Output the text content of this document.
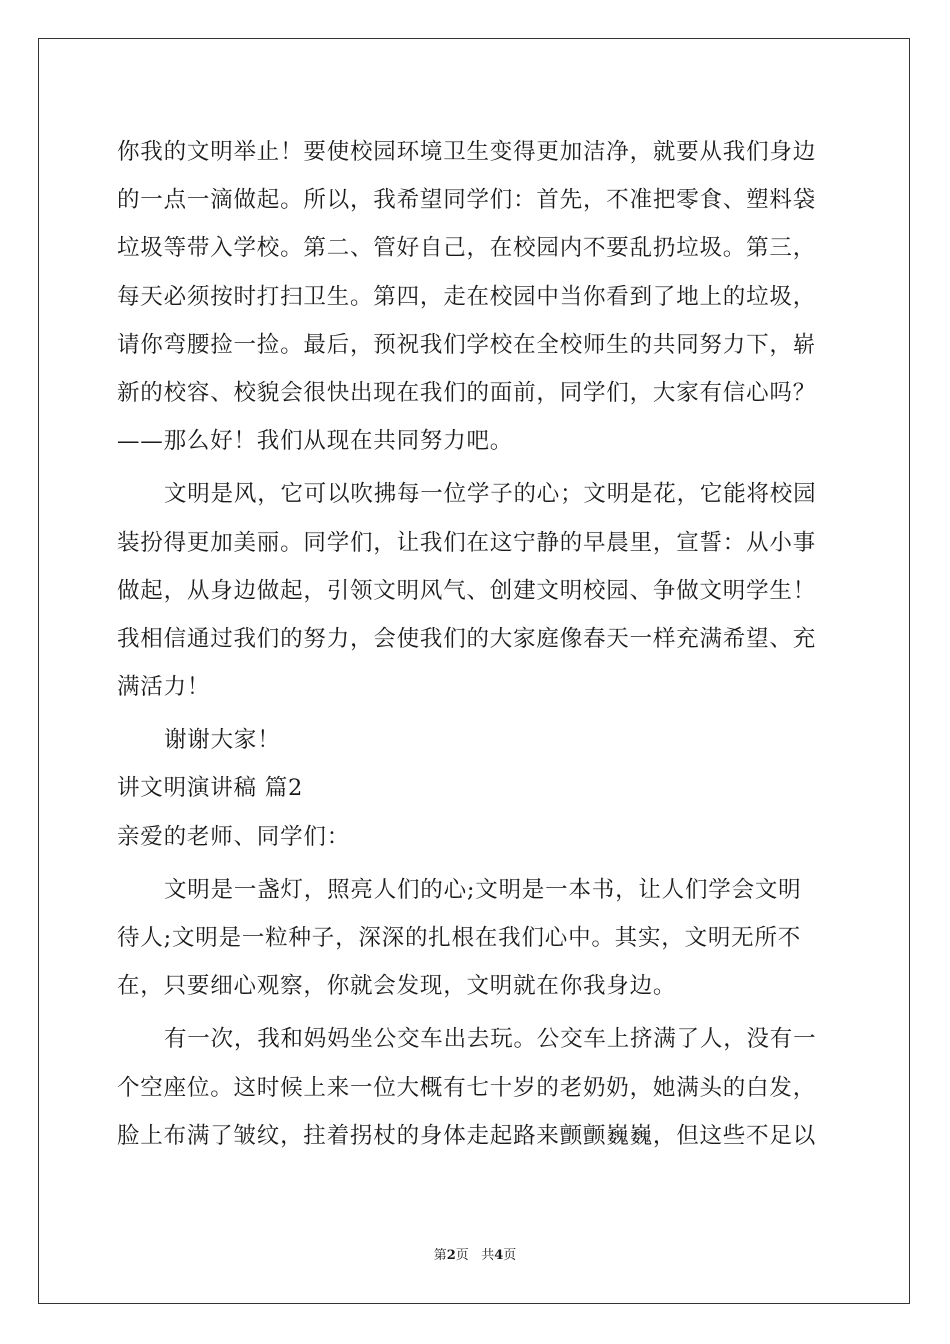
你我的文明举止！要使校园环境卫生变得更加洁净，就要从我们身边
的一点一滴做起。所以，我希望同学们：首先，不准把零食、塑料袋
垃圾等带入学校。第二、管好自己，在校园内不要乱扔垃圾。第三，
每天必须按时打扫卫生。第四，走在校园中当你看到了地上的垃圾，
请你弯腰捡一捡。最后，预祝我们学校在全校师生的共同努力下，崭
新的校容、校貌会很快出现在我们的面前，同学们，大家有信心吗？
——那么好！我们从现在共同努力吧。
文明是风，它可以吹拂每一位学子的心；文明是花，它能将校园
装扮得更加美丽。同学们，让我们在这宁静的早晨里，宣誓：从小事
做起，从身边做起，引领文明风气、创建文明校园、争做文明学生！
我相信通过我们的努力，会使我们的大家庭像春天一样充满希望、充
满活力！
谢谢大家！
讲文明演讲稿 篇2
亲爱的老师、同学们：
文明是一盏灯，照亮人们的心;文明是一本书，让人们学会文明
待人;文明是一粒种子，深深的扎根在我们心中。其实，文明无所不
在，只要细心观察，你就会发现，文明就在你我身边。
有一次，我和妈妈坐公交车出去玩。公交车上挤满了人，没有一
个空座位。这时候上来一位大概有七十岁的老奶奶，她满头的白发，
脸上布满了皱纹，拄着拐杖的身体走起路来颤颤巍巍，但这些不足以
第2页 共4页
